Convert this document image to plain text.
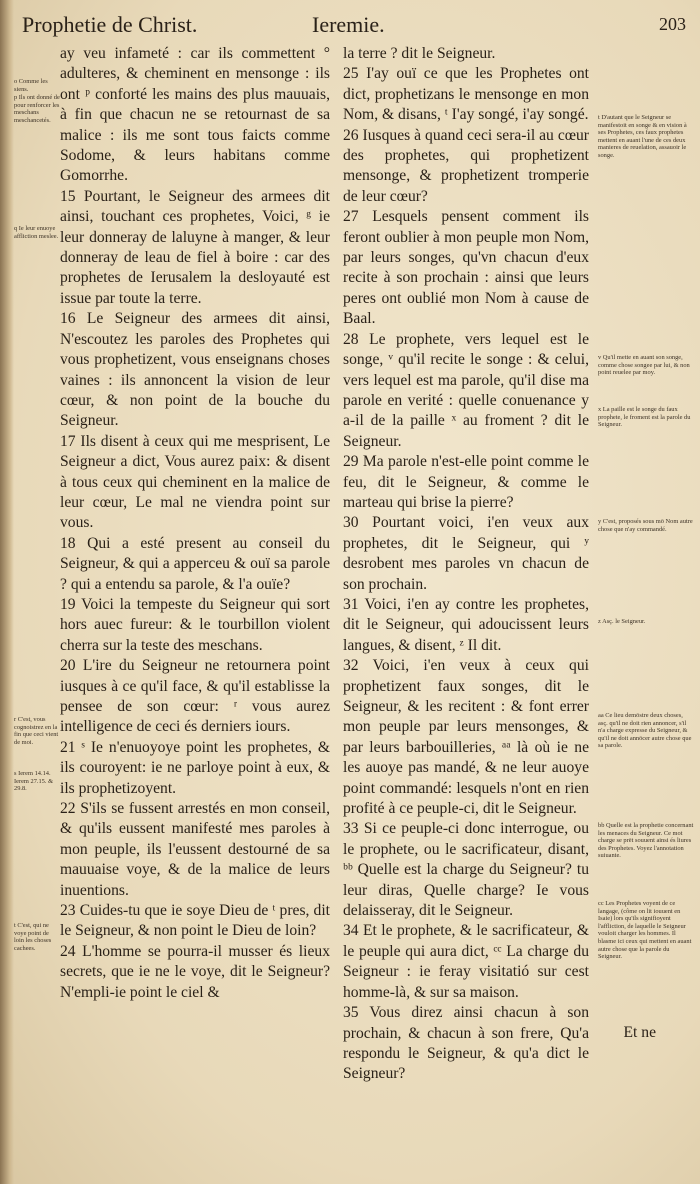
Prophetie de Christ.	Ieremie.	203

ay veu infameté : car ils commettent ° adulteres, & cheminent en mensonge : ils ont ᵖ conforté les mains des plus mauuais, à fin que chacun ne se retournast de sa malice : ils me sont tous faicts comme Sodome, & leurs habitans comme Gomorrhe.

15 Pourtant, le Seigneur des armees dit ainsi, touchant ces prophetes, Voici, ᵍ ie leur donneray de laluyne à manger, & leur donneray de leau de fiel à boire : car des prophetes de Ierusalem la desloyauté est issue par toute la terre.

16 Le Seigneur des armees dit ainsi, N'escoutez les paroles des Prophetes qui vous prophetizent, vous enseignans choses vaines : ils annoncent la vision de leur cœur, & non point de la bouche du Seigneur.

17 Ils disent à ceux qui me mesprisent, Le Seigneur a dict, Vous aurez paix: & disent à tous ceux qui cheminent en la malice de leur cœur, Le mal ne viendra point sur vous.

18 Qui a esté present au conseil du Seigneur, & qui a apperceu & ouï sa parole ? qui a entendu sa parole, & l'a ouïe?

19 Voici la tempeste du Seigneur qui sort hors auec fureur: & le tourbillon violent cherra sur la teste des meschans.

20 L'ire du Seigneur ne retournera point iusques à ce qu'il face, & qu'il establisse la pensee de son cœur: ʳ vous aurez intelligence de ceci és derniers iours.

21 ˢ Ie n'enuoyoye point les prophetes, & ils couroyent: ie ne parloye point à eux, & ils prophetizoyent.

22 S'ils se fussent arrestés en mon conseil, & qu'ils eussent manifesté mes paroles à mon peuple, ils l'eussent destourné de sa mauuaise voye, & de la malice de leurs inuentions.

23 Cuides-tu que ie soye Dieu de ᵗ pres, dit le Seigneur, & non point le Dieu de loin?

24 L'homme se pourra-il musser és lieux secrets, que ie ne le voye, dit le Seigneur? N'empli-ie point le ciel &

la terre ? dit le Seigneur.

25 I'ay ouï ce que les Prophetes ont dict, prophetizans le mensonge en mon Nom, & disans, ᵗ I'ay songé, i'ay songé.

26 Iusques à quand ceci sera-il au cœur des prophetes, qui prophetizent mensonge, & prophetizent tromperie de leur cœur?

27 Lesquels pensent comment ils feront oublier à mon peuple mon Nom, par leurs songes, qu'vn chacun d'eux recite à son prochain : ainsi que leurs peres ont oublié mon Nom à cause de Baal.

28 Le prophete, vers lequel est le songe, ᵛ qu'il recite le songe : & celui, vers lequel est ma parole, qu'il dise ma parole en verité : quelle conuenance y a-il de la paille ˣ au froment ? dit le Seigneur.

29 Ma parole n'est-elle point comme le feu, dit le Seigneur, & comme le marteau qui brise la pierre?

30 Pourtant voici, i'en veux aux prophetes, dit le Seigneur, qui ʸ desrobent mes paroles vn chacun de son prochain.

31 Voici, i'en ay contre les prophetes, dit le Seigneur, qui adoucissent leurs langues, & disent, ᶻ Il dit.

32 Voici, i'en veux à ceux qui prophetizent faux songes, dit le Seigneur, & les recitent : & font errer mon peuple par leurs mensonges, & par leurs barbouilleries, ᵃᵃ là où ie ne les auoye pas mandé, & ne leur auoye point commandé: lesquels n'ont en rien profité à ce peuple-ci, dit le Seigneur.

33 Si ce peuple-ci donc interrogue, ou le prophete, ou le sacrificateur, disant, ᵇᵇ Quelle est la charge du Seigneur? tu leur diras, Quelle charge? Ie vous delaisseray, dit le Seigneur.

34 Et le prophete, & le sacrificateur, & le peuple qui aura dict, ᶜᶜ La charge du Seigneur : ie feray visitatió sur cest homme-là, & sur sa maison.

35 Vous direz ainsi chacun à son prochain, & chacun à son frere, Qu'a respondu le Seigneur, & qu'a dict le Seigneur?

o Comme les siens.
p Ils ont donné de pour renforcer les meschans meschancetés.
q Ie leur enuoye affliction meslee.
r C'est, vous cognoistrez en la fin que ceci vient de moi.
s Ierem 14.14. Ierem 27.15. & 29.8.
t C'est, qui ne voye point de loin les choses cachees.
t D'autant que le Seigneur se manifestoit en songe & en vision à ses Prophetes, ces faux prophetes mettent en auant l'une de ces deux manieres de reuelation, assauoir le songe.
v Qu'il mette en auant son songe, comme chose songee par lui, & non point reuelee par moy.
x La paille est le songe du faux prophete, le froment est la parole du Seigneur.
y C'est, proposés sous mō Nom autre chose que n'ay commandé.
z Asç. le Seigneur.
aa Ce lieu demōstre deux choses, asç. qu'il ne doit rien annoncer, s'il n'a charge expresse du Seigneur, & qu'il ne doit annōcer autre chose que sa parole.
bb Quelle est la prophetie concernant les menaces du Seigneur. Ce mot charge se prēt souuent ainsi és liures des Prophetes. Voyez l'annotation suiuante.
cc Les Prophetes voyent de ce langage, (côme on lit iouuent en Isaie) lors qu'ils signifioyent l'affliction, de laquelle le Seigneur vouloit charger les hommes. Il blasme ici ceux qui mettent en auant autre chose que la parole du Seigneur.
Et ne
